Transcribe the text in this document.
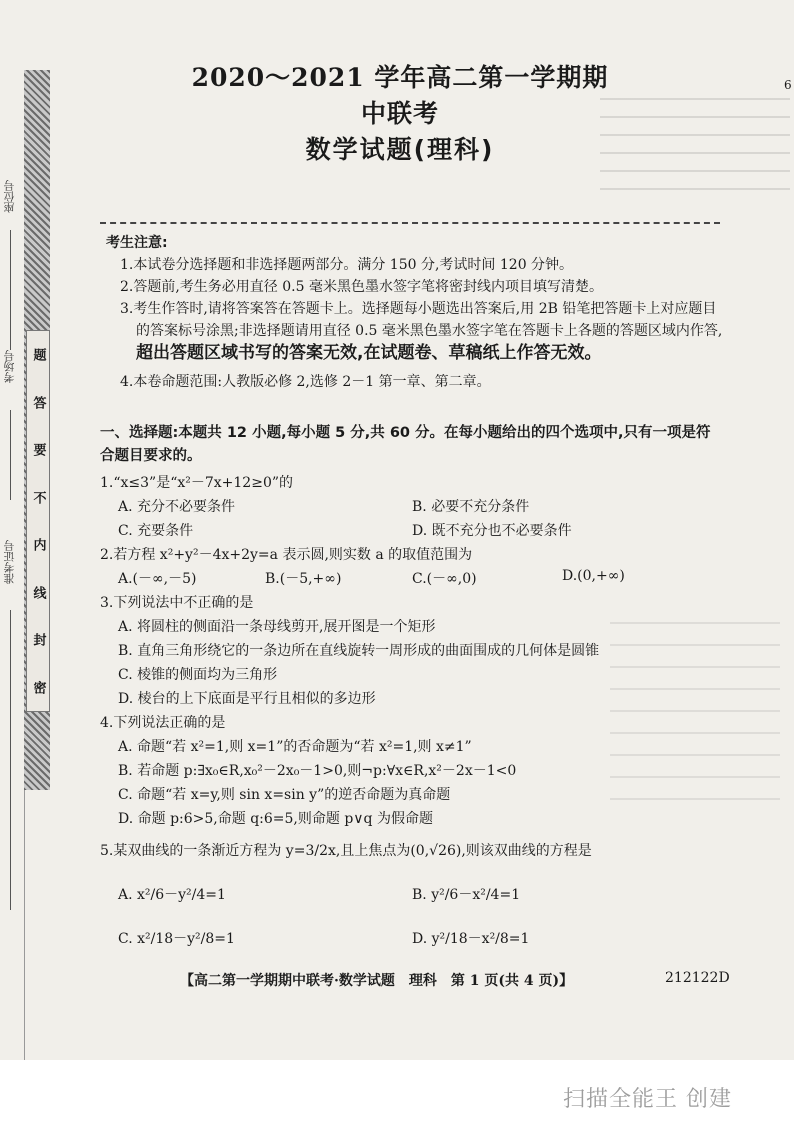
座位号
考场号
准考证号
题
答
要
不
内
线
封
密
6
2020～2021 学年高二第一学期期中联考
数学试题(理科)
考生注意:
1.本试卷分选择题和非选择题两部分。满分 150 分,考试时间 120 分钟。
2.答题前,考生务必用直径 0.5 毫米黑色墨水签字笔将密封线内项目填写清楚。
3.考生作答时,请将答案答在答题卡上。选择题每小题选出答案后,用 2B 铅笔把答题卡上对应题目的答案标号涂黑;非选择题请用直径 0.5 毫米黑色墨水签字笔在答题卡上各题的答题区域内作答,超出答题区域书写的答案无效,在试题卷、草稿纸上作答无效。
4.本卷命题范围:人教版必修 2,选修 2－1 第一章、第二章。
一、选择题:本题共 12 小题,每小题 5 分,共 60 分。在每小题给出的四个选项中,只有一项是符合题目要求的。
1.“x≤3”是“x²－7x+12≥0”的
A. 充分不必要条件	B. 必要不充分条件
C. 充要条件	D. 既不充分也不必要条件
2.若方程 x²+y²－4x+2y=a 表示圆,则实数 a 的取值范围为
A.(－∞,－5)	B.(－5,+∞)	C.(－∞,0)	D.(0,+∞)
3.下列说法中不正确的是
A. 将圆柱的侧面沿一条母线剪开,展开图是一个矩形
B. 直角三角形绕它的一条边所在直线旋转一周形成的曲面围成的几何体是圆锥
C. 棱锥的侧面均为三角形
D. 棱台的上下底面是平行且相似的多边形
4.下列说法正确的是
A. 命题“若 x²=1,则 x=1”的否命题为“若 x²=1,则 x≠1”
B. 若命题 p:∃x₀∈R,x₀²－2x₀－1>0,则¬p:∀x∈R,x²－2x－1<0
C. 命题“若 x=y,则 sin x=sin y”的逆否命题为真命题
D. 命题 p:6>5,命题 q:6=5,则命题 p∨q 为假命题
5.某双曲线的一条渐近方程为 y=3/2x,且上焦点为(0,√26),则该双曲线的方程是
A. x²/6－y²/4=1	B. y²/6－x²/4=1
C. x²/18－y²/8=1	D. y²/18－x²/8=1
【高二第一学期期中联考·数学试题　理科　第 1 页(共 4 页)】	212122D
扫描全能王 创建
